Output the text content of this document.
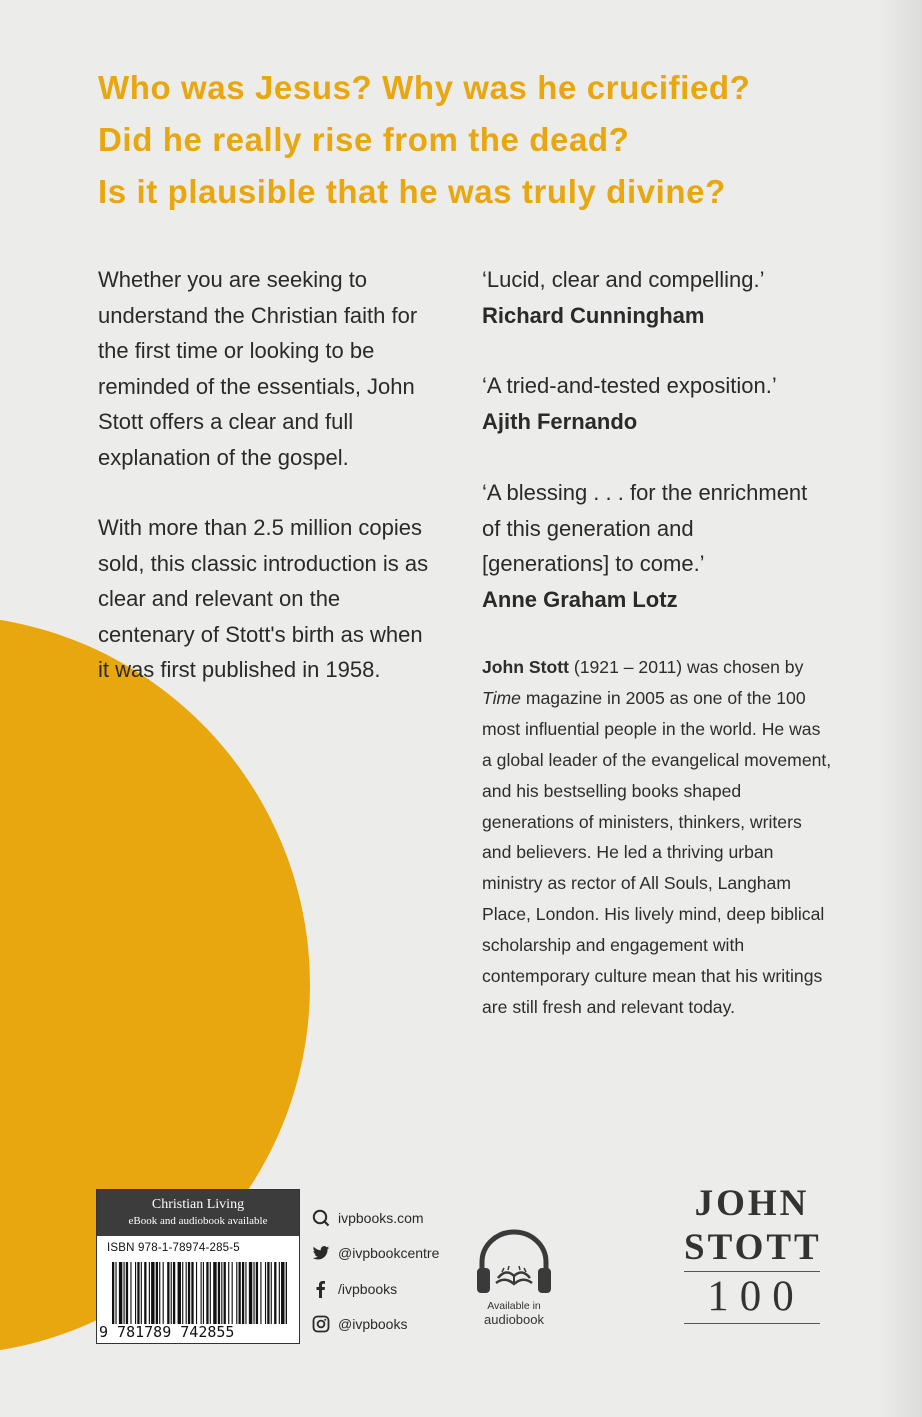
Who was Jesus? Why was he crucified?
Did he really rise from the dead?
Is it plausible that he was truly divine?

Whether you are seeking to understand the Christian faith for the first time or looking to be reminded of the essentials, John Stott offers a clear and full explanation of the gospel.

With more than 2.5 million copies sold, this classic introduction is as clear and relevant on the centenary of Stott's birth as when it was first published in 1958.

‘Lucid, clear and compelling.’
Richard Cunningham

‘A tried-and-tested exposition.’
Ajith Fernando

‘A blessing . . . for the enrichment of this generation and [generations] to come.’
Anne Graham Lotz

John Stott (1921 – 2011) was chosen by Time magazine in 2005 as one of the 100 most influential people in the world. He was a global leader of the evangelical movement, and his bestselling books shaped generations of ministers, thinkers, writers and believers. He led a thriving urban ministry as rector of All Souls, Langham Place, London. His lively mind, deep biblical scholarship and engagement with contemporary culture mean that his writings are still fresh and relevant today.

Christian Living
eBook and audiobook available
ISBN 978-1-78974-285-5
9 781789 742855
ivpbooks.com
@ivpbookcentre
/ivpbooks
@ivpbooks
Available in
audiobook
JOHN
STOTT
100
